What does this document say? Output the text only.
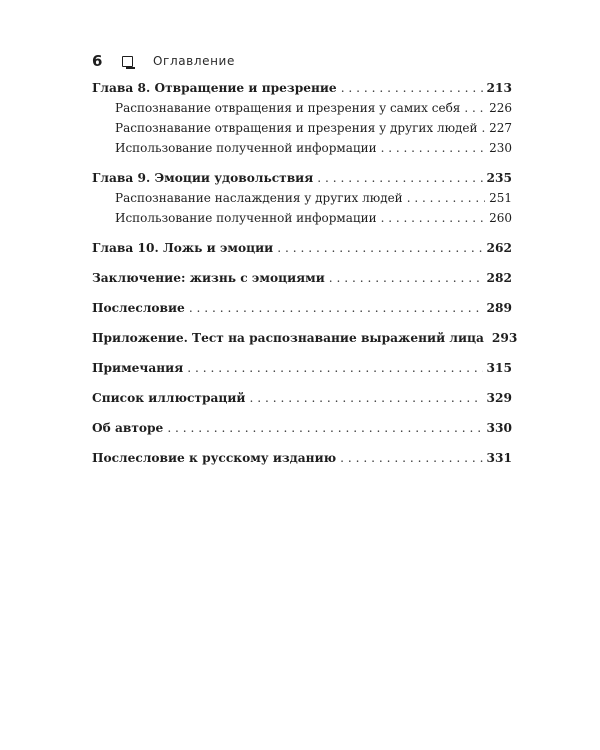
6	Оглавление
Глава 8. Отвращение и презрение . . .	213
Распознавание отвращения и презрения у самих себя . . . 226
Распознавание отвращения и презрения у других людей . . . 227
Использование полученной информации . . .	230
Глава 9. Эмоции удовольствия . . .	235
Распознавание наслаждения у других людей . . .	251
Использование полученной информации . . .	260
Глава 10. Ложь и эмоции . . .	262
Заключение: жизнь с эмоциями . . .	282
Послесловие . . .	289
Приложение. Тест на распознавание выражений лица 293
Примечания . . .	315
Список иллюстраций . . .	329
Об авторе . . .	330
Послесловие к русскому изданию . . .	331
